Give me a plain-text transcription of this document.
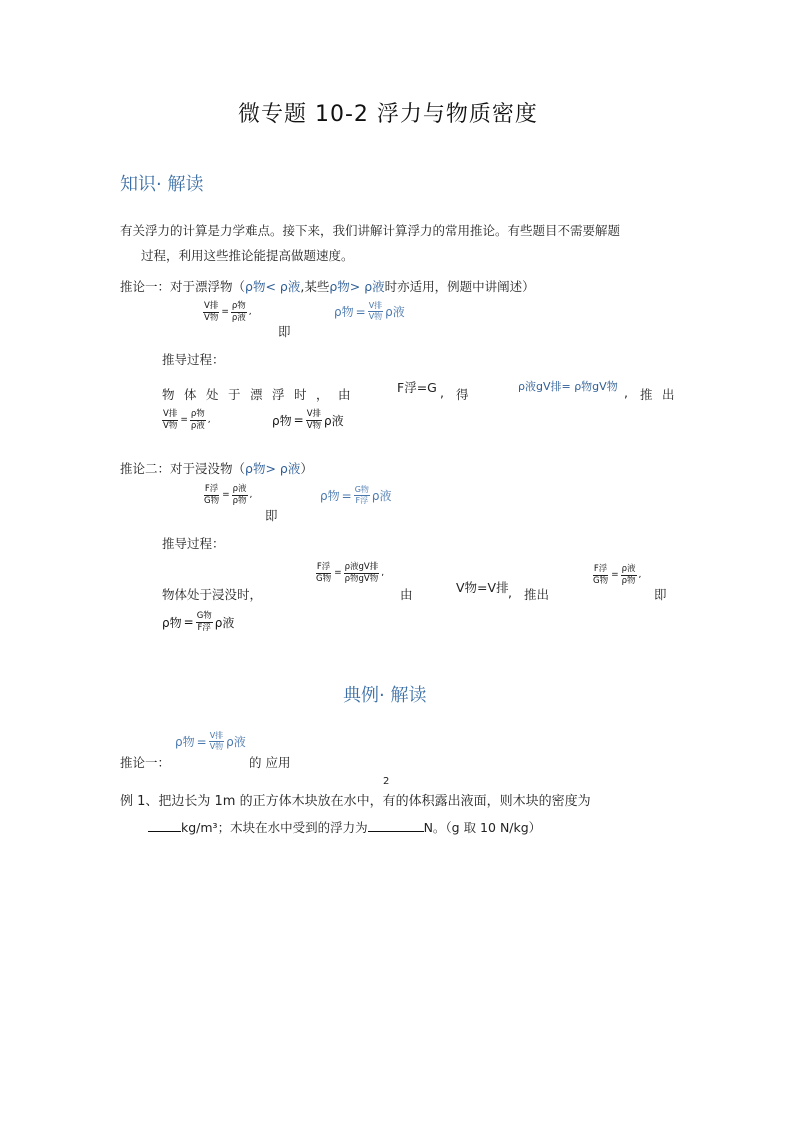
微专题 10-2 浮力与物质密度
知识· 解读
有关浮力的计算是力学难点。接下来，我们讲解计算浮力的常用推论。有些题目不需要解题
过程，利用这些推论能提高做题速度。
推论一：对于漂浮物（ρ物< ρ液,某些ρ物> ρ液时亦适用，例题中讲阐述）
$\frac{\text{V排}}{\text{V物}} = \frac{\text{ρ物}}{\text{ρ液}}$ ,
即
ρ物 = $\frac{\text{V排}}{\text{V物}}$ ρ液
推导过程：
物体处于漂浮时，由	F浮=G , 得
ρ液gV排= ρ物gV物 , 推出
$\frac{\text{V排}}{\text{V物}} = \frac{\text{ρ物}}{\text{ρ液}}$ ,	ρ物 = $\frac{\text{V排}}{\text{V物}}$ ρ液
推论二：对于浸没物（ρ物> ρ液）
$\frac{\text{F浮}}{\text{G物}} = \frac{\text{ρ液}}{\text{ρ物}}$ ,
即
ρ物 = $\frac{\text{G物}}{\text{F浮}}$ ρ液
推导过程：
物体处于浸没时，
$\frac{\text{F浮}}{\text{G物}} = \frac{\text{ρ液gV排}}{\text{ρ物gV物}}$ ,
由	V物=V排 , 推出
$\frac{\text{F浮}}{\text{G物}} = \frac{\text{ρ液}}{\text{ρ物}}$ ,
即
ρ物 = $\frac{\text{G物}}{\text{F浮}}$ ρ液
典例· 解读
推论一：
ρ物 = $\frac{\text{V排}}{\text{V物}}$ ρ液
的 应用
2
例 1、把边长为 1m 的正方体木块放在水中，有的体积露出液面，则木块的密度为
kg/m³；木块在水中受到的浮力为	N。（g 取 10 N/kg）
